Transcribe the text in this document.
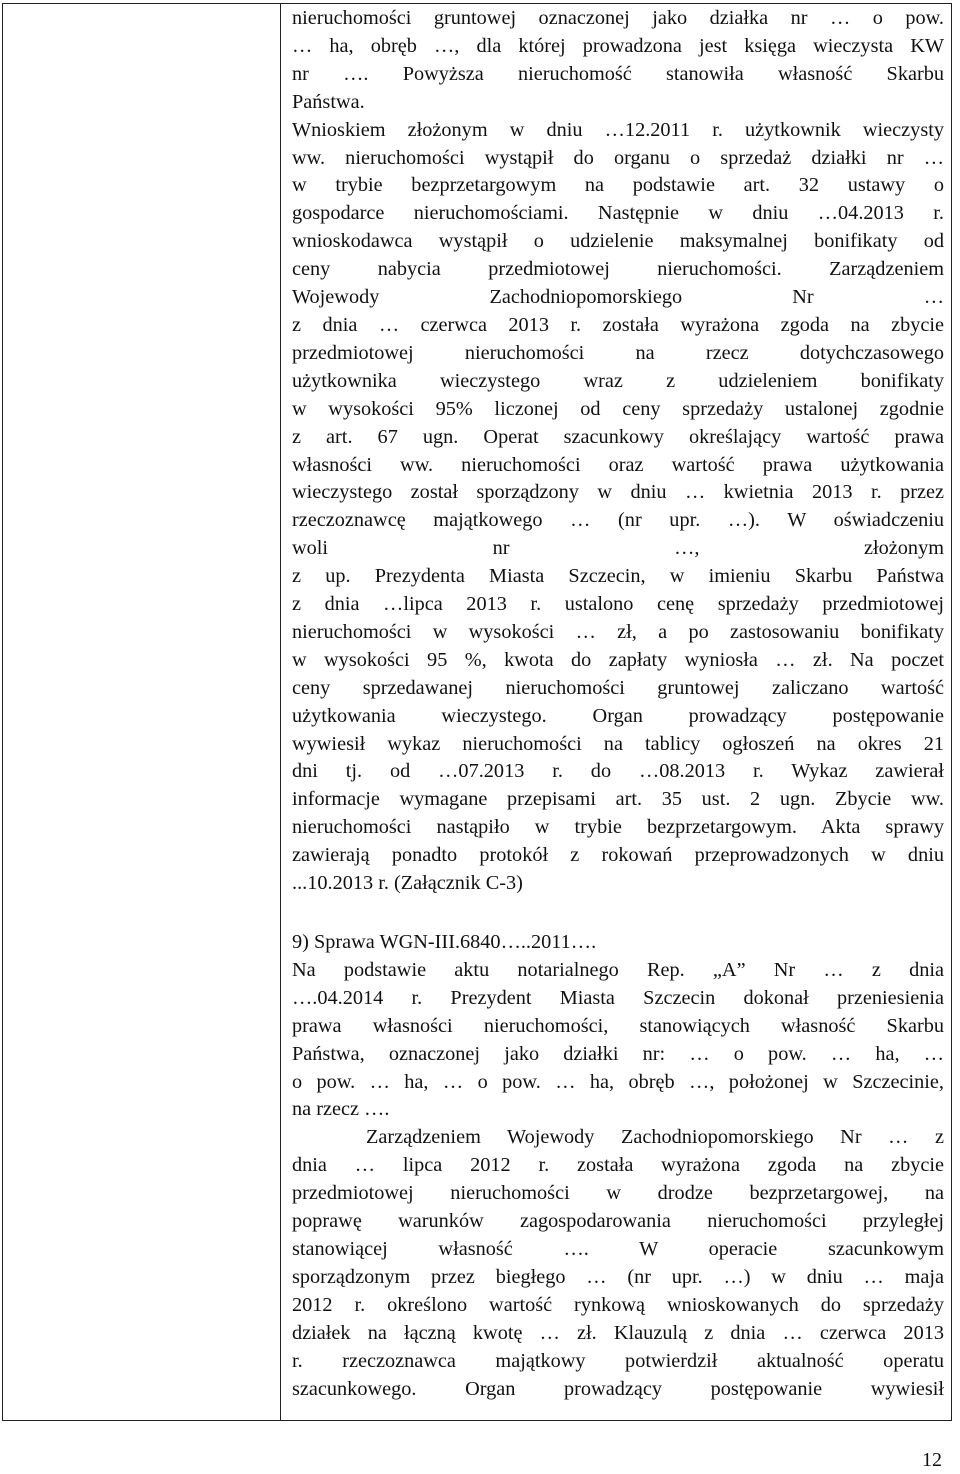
nieruchomości gruntowej oznaczonej jako działka nr … o pow.

… ha, obręb …, dla której prowadzona jest księga wieczysta KW

nr …. Powyższa nieruchomość stanowiła własność Skarbu

Państwa.

Wnioskiem złożonym w dniu …12.2011 r. użytkownik wieczysty

ww. nieruchomości wystąpił do organu o sprzedaż działki nr …

w trybie bezprzetargowym na podstawie art. 32 ustawy o

gospodarce nieruchomościami. Następnie w dniu …04.2013 r.

wnioskodawca wystąpił o udzielenie maksymalnej bonifikaty od

ceny nabycia przedmiotowej nieruchomości. Zarządzeniem

Wojewody Zachodniopomorskiego Nr …

z dnia … czerwca 2013 r. została wyrażona zgoda na zbycie

przedmiotowej nieruchomości na rzecz dotychczasowego

użytkownika wieczystego wraz z udzieleniem bonifikaty

w wysokości 95% liczonej od ceny sprzedaży ustalonej zgodnie

z art. 67 ugn. Operat szacunkowy określający wartość prawa

własności ww. nieruchomości oraz wartość prawa użytkowania

wieczystego został sporządzony w dniu … kwietnia 2013 r. przez

rzeczoznawcę majątkowego … (nr upr. …). W oświadczeniu

woli nr …, złożonym

z up. Prezydenta Miasta Szczecin, w imieniu Skarbu Państwa

z dnia …lipca 2013 r. ustalono cenę sprzedaży przedmiotowej

nieruchomości w wysokości … zł, a po zastosowaniu bonifikaty

w wysokości 95 %, kwota do zapłaty wyniosła … zł. Na poczet

ceny sprzedawanej nieruchomości gruntowej zaliczano wartość

użytkowania wieczystego. Organ prowadzący postępowanie

wywiesił wykaz nieruchomości na tablicy ogłoszeń na okres 21

dni tj. od …07.2013 r. do …08.2013 r. Wykaz zawierał

informacje wymagane przepisami art. 35 ust. 2 ugn. Zbycie ww.

nieruchomości nastąpiło w trybie bezprzetargowym. Akta sprawy

zawierają ponadto protokół z rokowań przeprowadzonych w dniu

...10.2013 r. (Załącznik C-3)

9) Sprawa WGN-III.6840…..2011….

Na podstawie aktu notarialnego Rep. „A” Nr … z dnia

….04.2014 r. Prezydent Miasta Szczecin dokonał przeniesienia

prawa własności nieruchomości, stanowiących własność Skarbu

Państwa, oznaczonej jako działki nr: … o pow. … ha, …

o pow. … ha, … o pow. … ha, obręb …, położonej w Szczecinie,

na rzecz ….

Zarządzeniem Wojewody Zachodniopomorskiego Nr … z

dnia … lipca 2012 r. została wyrażona zgoda na zbycie

przedmiotowej nieruchomości w drodze bezprzetargowej, na

poprawę warunków zagospodarowania nieruchomości przyległej

stanowiącej własność …. W operacie szacunkowym

sporządzonym przez biegłego … (nr upr. …) w dniu … maja

2012 r. określono wartość rynkową wnioskowanych do sprzedaży

działek na łączną kwotę … zł. Klauzulą z dnia … czerwca 2013

r. rzeczoznawca majątkowy potwierdził aktualność operatu

szacunkowego. Organ prowadzący postępowanie wywiesił

12
